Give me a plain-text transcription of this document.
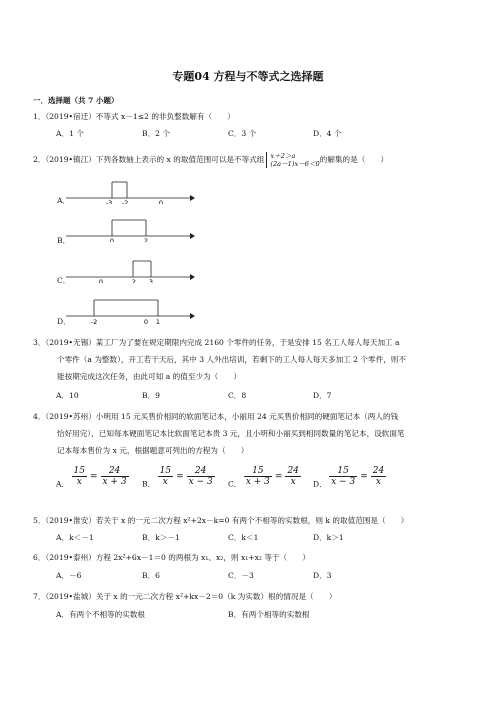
专题04 方程与不等式之选择题
一．选择题（共 7 小题）
1．（2019•宿迁）不等式 x－1≤2 的非负整数解有（　　）
A．1 个	B．2 个	C．3 个	D．4 个
2．（2019•镇江）下列各数轴上表示的 x 的取值范围可以是不等式组 x＋2＞a
(2a－1)x－6＜0 的解集的是（　　）
A．	-3 -2	0
B．	0	2
C．	0	2 3
D．	-2	0 1
3．（2019•无锡）某工厂为了要在规定期限内完成 2160 个零件的任务，于是安排 15 名工人每人每天加工 a
个零件（a 为整数），开工若干天后，其中 3 人外出培训，若剩下的工人每人每天多加工 2 个零件，则不
能按期完成这次任务，由此可知 a 的值至少为（　　）
A．10	B．9	C．8	D．7
4．（2019•苏州）小明用 15 元买售价相同的软面笔记本，小丽用 24 元买售价相同的硬面笔记本（两人的钱
恰好用完），已知每本硬面笔记本比软面笔记本贵 3 元，且小明和小丽买到相同数量的笔记本，设软面笔
记本每本售价为 x 元，根据题意可列出的方程为（　　）
A． $\frac{15}{x} = \frac{24}{x + 3}$ B． $\frac{15}{x} = \frac{24}{x - 3}$ C． $\frac{15}{x + 3} = \frac{24}{x}$ D． $\frac{15}{x - 3} = \frac{24}{x}$
5．（2019•淮安）若关于 x 的一元二次方程 x²+2x－k=0 有两个不相等的实数根，则 k 的取值范围是（　　）
A．k＜－1	B．k＞－1	C．k＜1	D．k＞1
6．（2019•泰州）方程 2x²+6x－1＝0 的两根为 x₁、x₂，则 x₁+x₂ 等于（　　）
A．－6	B．6	C．－3	D．3
7．（2019•盐城）关于 x 的一元二次方程 x²+kx－2＝0（k 为实数）根的情况是（　　）
A．有两个不相等的实数根	B．有两个相等的实数根
